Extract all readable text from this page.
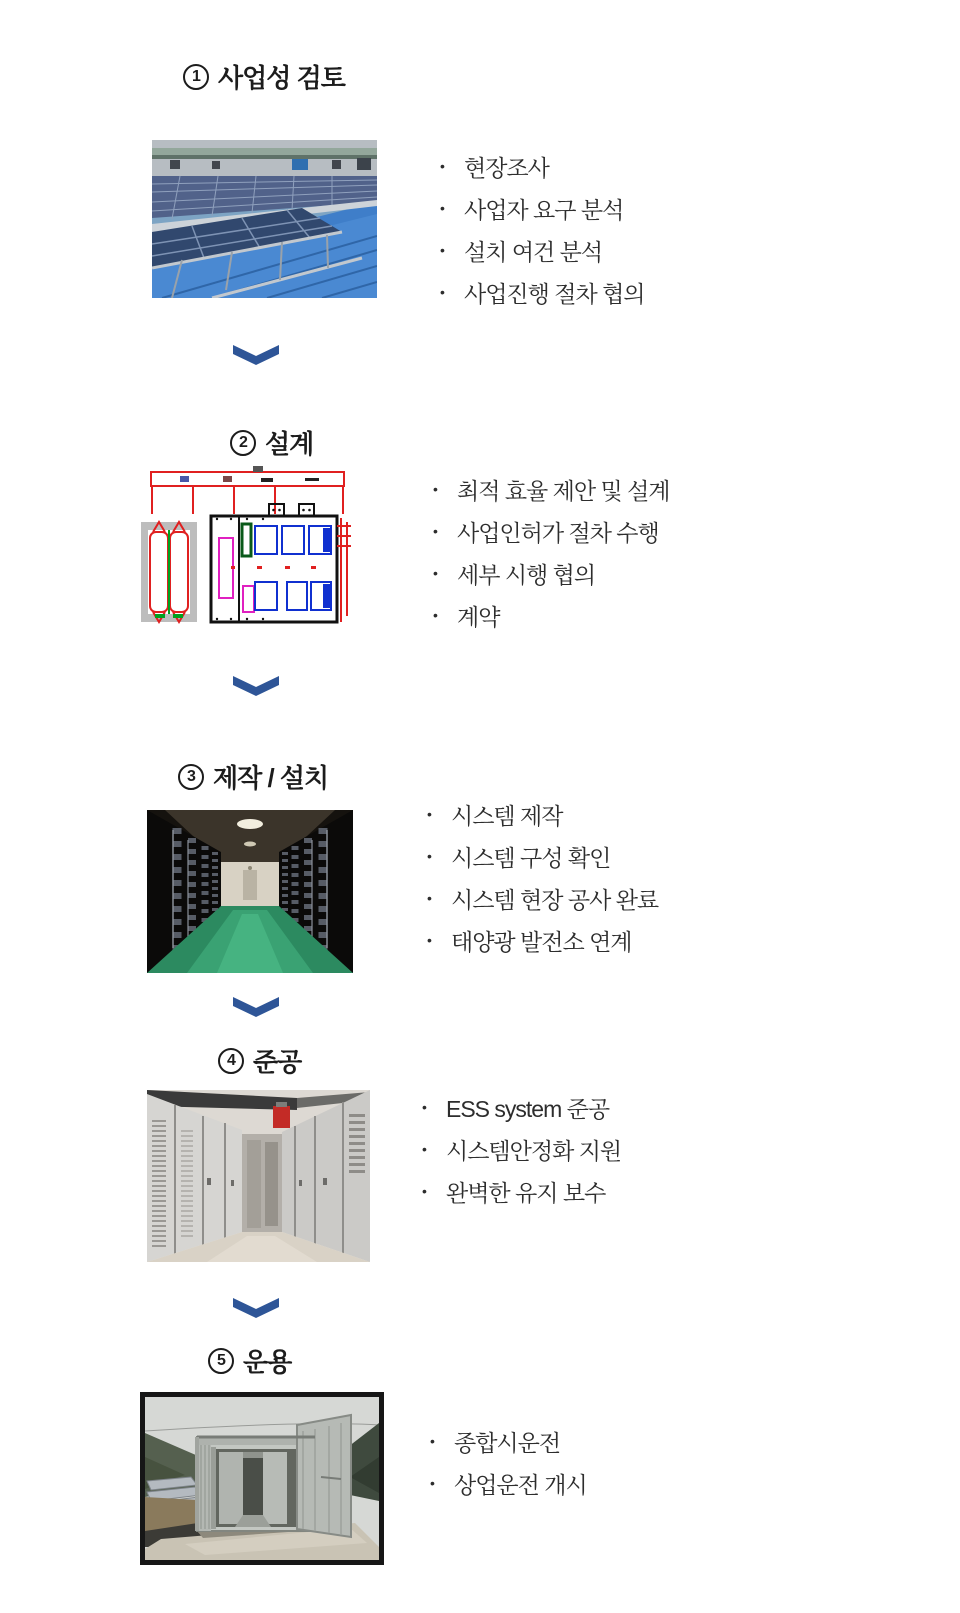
1 사업성 검토
• 현장조사
• 사업자 요구 분석
• 설치 여건 분석
• 사업진행 절차 협의
2 설계
• 최적 효율 제안 및 설계
• 사업인허가 절차 수행
• 세부 시행 협의
• 계약
3 제작 / 설치
• 시스템 제작
• 시스템 구성 확인
• 시스템 현장 공사 완료
• 태양광 발전소 연계
4 준공
• ESS system 준공
• 시스템안정화 지원
• 완벽한 유지 보수
5 운용
• 종합시운전
• 상업운전 개시
